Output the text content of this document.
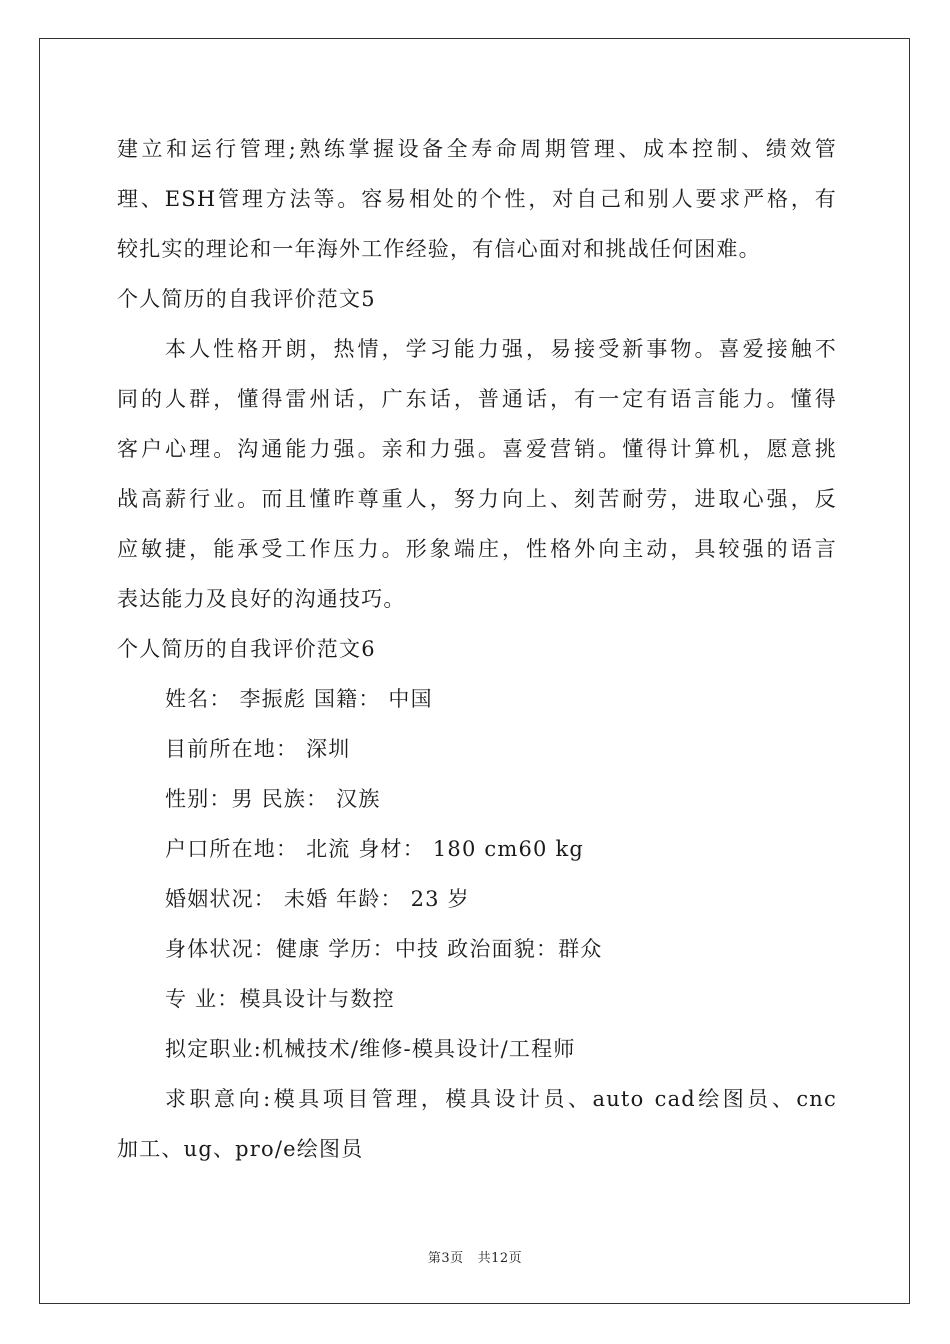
建立和运行管理;熟练掌握设备全寿命周期管理、成本控制、绩效管
理、ESH管理方法等。容易相处的个性，对自己和别人要求严格，有
较扎实的理论和一年海外工作经验，有信心面对和挑战任何困难。
个人简历的自我评价范文5
本人性格开朗，热情，学习能力强，易接受新事物。喜爱接触不
同的人群，懂得雷州话，广东话，普通话，有一定有语言能力。懂得
客户心理。沟通能力强。亲和力强。喜爱营销。懂得计算机，愿意挑
战高薪行业。而且懂昨尊重人，努力向上、刻苦耐劳，进取心强，反
应敏捷，能承受工作压力。形象端庄，性格外向主动，具较强的语言
表达能力及良好的沟通技巧。
个人简历的自我评价范文6
姓名： 李振彪 国籍： 中国
目前所在地： 深圳
性别：男 民族： 汉族
户口所在地： 北流 身材： 180 cm60 kg
婚姻状况： 未婚 年龄： 23 岁
身体状况：健康 学历：中技 政治面貌：群众
专 业：模具设计与数控
拟定职业:机械技术/维修-模具设计/工程师
求职意向:模具项目管理，模具设计员、auto cad绘图员、cnc
加工、ug、pro/e绘图员
第3页 共12页
